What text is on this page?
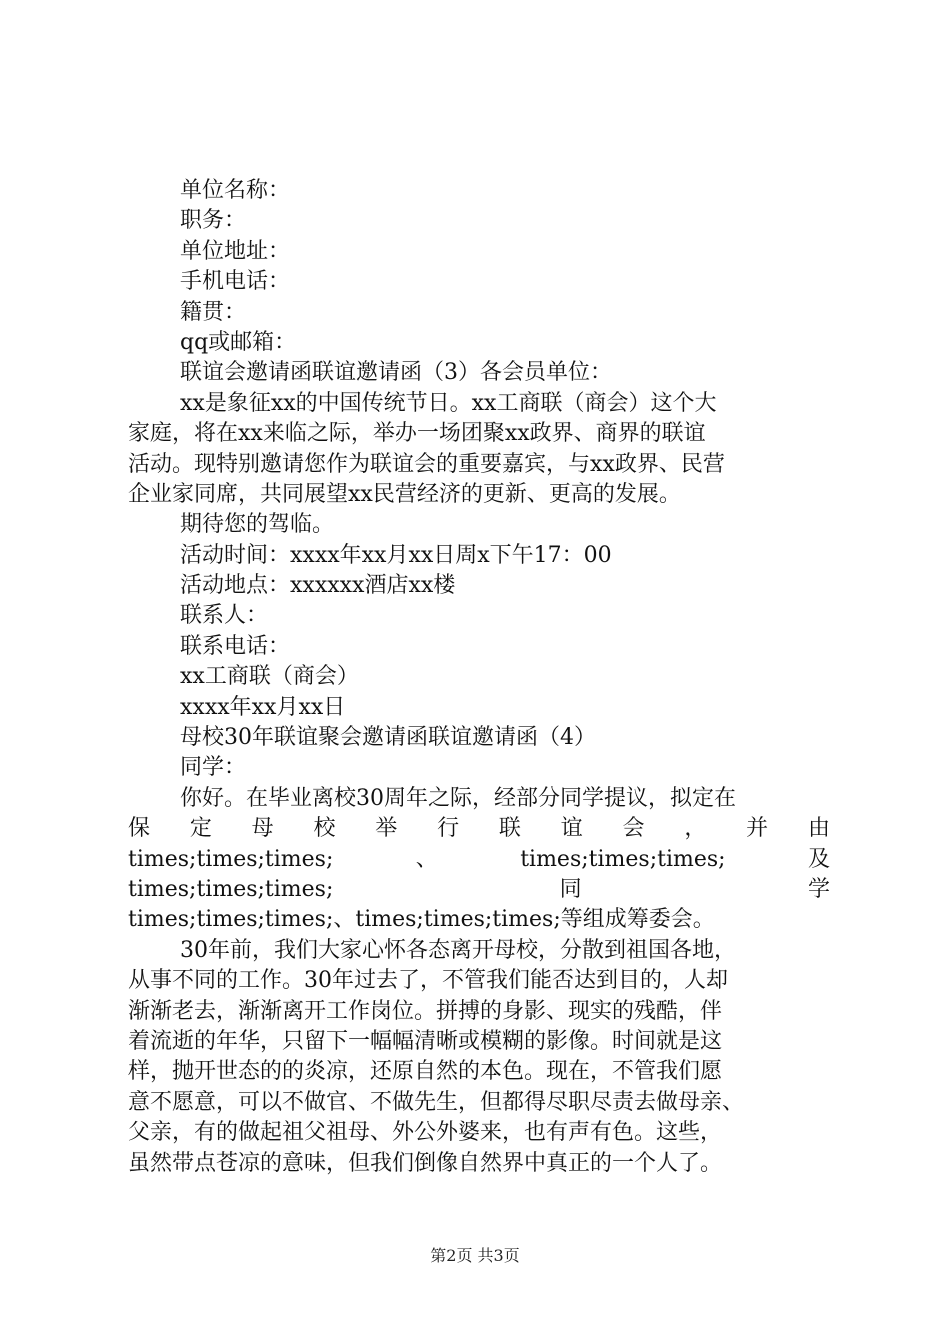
单位名称：
职务：
单位地址：
手机电话：
籍贯：
qq或邮箱：
联谊会邀请函联谊邀请函（3）各会员单位：
xx是象征xx的中国传统节日。xx工商联（商会）这个大
家庭，将在xx来临之际，举办一场团聚xx政界、商界的联谊
活动。现特别邀请您作为联谊会的重要嘉宾，与xx政界、民营
企业家同席，共同展望xx民营经济的更新、更高的发展。
期待您的驾临。
活动时间：xxxx年xx月xx日周x下午17：00
活动地点：xxxxxx酒店xx楼
联系人：
联系电话：
xx工商联（商会）
xxxx年xx月xx日
母校30年联谊聚会邀请函联谊邀请函（4）
同学：
你好。在毕业离校30周年之际，经部分同学提议，拟定在
保 定 母 校 举 行 联 谊 会 ， 并 由
times;times;times;	、	times;times;times;	及
times;times;times;	同	学
times;times;times;、times;times;times;等组成筹委会。
30年前，我们大家心怀各态离开母校，分散到祖国各地，
从事不同的工作。30年过去了，不管我们能否达到目的，人却
渐渐老去，渐渐离开工作岗位。拼搏的身影、现实的残酷，伴
着流逝的年华，只留下一幅幅清晰或模糊的影像。时间就是这
样，抛开世态的的炎凉，还原自然的本色。现在，不管我们愿
意不愿意，可以不做官、不做先生，但都得尽职尽责去做母亲、
父亲，有的做起祖父祖母、外公外婆来，也有声有色。这些，
虽然带点苍凉的意味，但我们倒像自然界中真正的一个人了。
第2页 共3页
